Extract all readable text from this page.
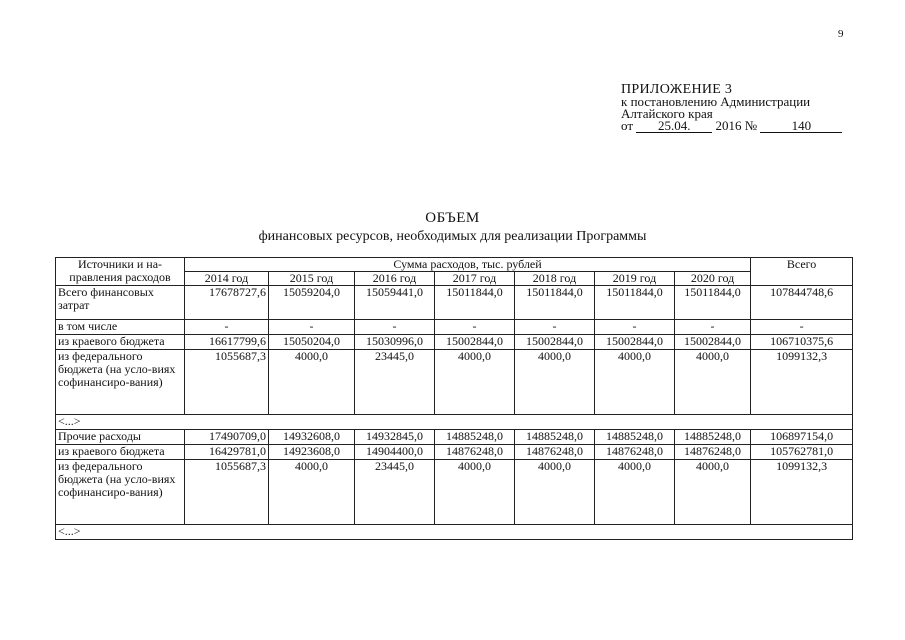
9
ПРИЛОЖЕНИЕ 3
к постановлению Администрации
Алтайского края
от 25.04. 2016 №	140
ОБЪЕМ
финансовых ресурсов, необходимых для реализации Программы
Источники и на-правления расходов	Сумма расходов, тыс. рублей							Всего
	2014 год	2015 год	2016 год	2017 год	2018 год	2019 год	2020 год	
Всего финансовых затрат	17678727,6	15059204,0	15059441,0	15011844,0	15011844,0	15011844,0	15011844,0	107844748,6
в том числе	-	-	-	-	-	-	-	-
из краевого бюджета	16617799,6	15050204,0	15030996,0	15002844,0	15002844,0	15002844,0	15002844,0	106710375,6
из федерального бюджета (на усло-виях софинансиро-вания)	1055687,3	4000,0	23445,0	4000,0	4000,0	4000,0	4000,0	1099132,3
<...>								
Прочие расходы	17490709,0	14932608,0	14932845,0	14885248,0	14885248,0	14885248,0	14885248,0	106897154,0
из краевого бюджета	16429781,0	14923608,0	14904400,0	14876248,0	14876248,0	14876248,0	14876248,0	105762781,0
из федерального бюджета (на усло-виях софинансиро-вания)	1055687,3	4000,0	23445,0	4000,0	4000,0	4000,0	4000,0	1099132,3
<...>								
